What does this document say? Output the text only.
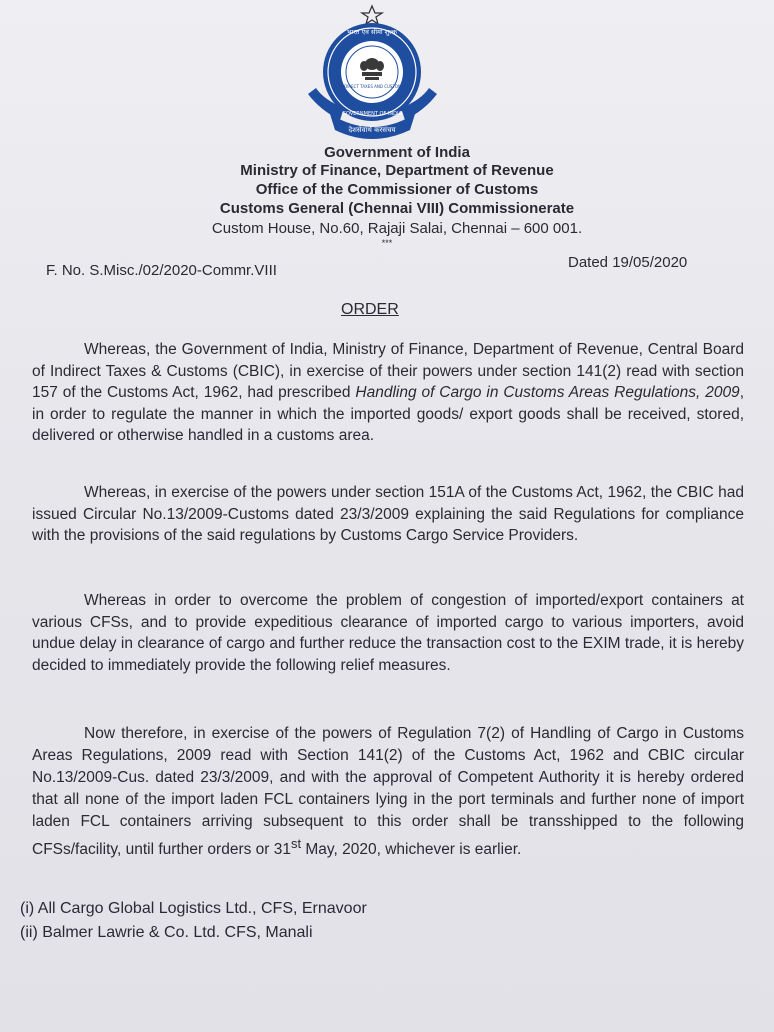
INDIRECT TAXES AND CUSTOMS
भारत एवं सीमा शुल्क
GOVERNMENT OF INDIA
देशसेवार्थ करसंचय
Government of India
Ministry of Finance, Department of Revenue
Office of the Commissioner of Customs
Customs General (Chennai VIII) Commissionerate
Custom House, No.60, Rajaji Salai, Chennai – 600 001.
***
F. No. S.Misc./02/2020-Commr.VIII	Dated 19/05/2020
ORDER

Whereas, the Government of India, Ministry of Finance, Department of Revenue, Central Board of Indirect Taxes & Customs (CBIC), in exercise of their powers under section 141(2) read with section 157 of the Customs Act, 1962, had prescribed Handling of Cargo in Customs Areas Regulations, 2009, in order to regulate the manner in which the imported goods/ export goods shall be received, stored, delivered or otherwise handled in a customs area.

Whereas, in exercise of the powers under section 151A of the Customs Act, 1962, the CBIC had issued Circular No.13/2009-Customs dated 23/3/2009 explaining the said Regulations for compliance with the provisions of the said regulations by Customs Cargo Service Providers.

Whereas in order to overcome the problem of congestion of imported/export containers at various CFSs, and to provide expeditious clearance of imported cargo to various importers, avoid undue delay in clearance of cargo and further reduce the transaction cost to the EXIM trade, it is hereby decided to immediately provide the following relief measures.

Now therefore, in exercise of the powers of Regulation 7(2) of Handling of Cargo in Customs Areas Regulations, 2009 read with Section 141(2) of the Customs Act, 1962 and CBIC circular No.13/2009-Cus. dated 23/3/2009, and with the approval of Competent Authority it is hereby ordered that all none of the import laden FCL containers lying in the port terminals and further none of import laden FCL containers arriving subsequent to this order shall be transshipped to the following CFSs/facility, until further orders or 31st May, 2020, whichever is earlier.

(i) All Cargo Global Logistics Ltd., CFS, Ernavoor
(ii) Balmer Lawrie & Co. Ltd. CFS, Manali
